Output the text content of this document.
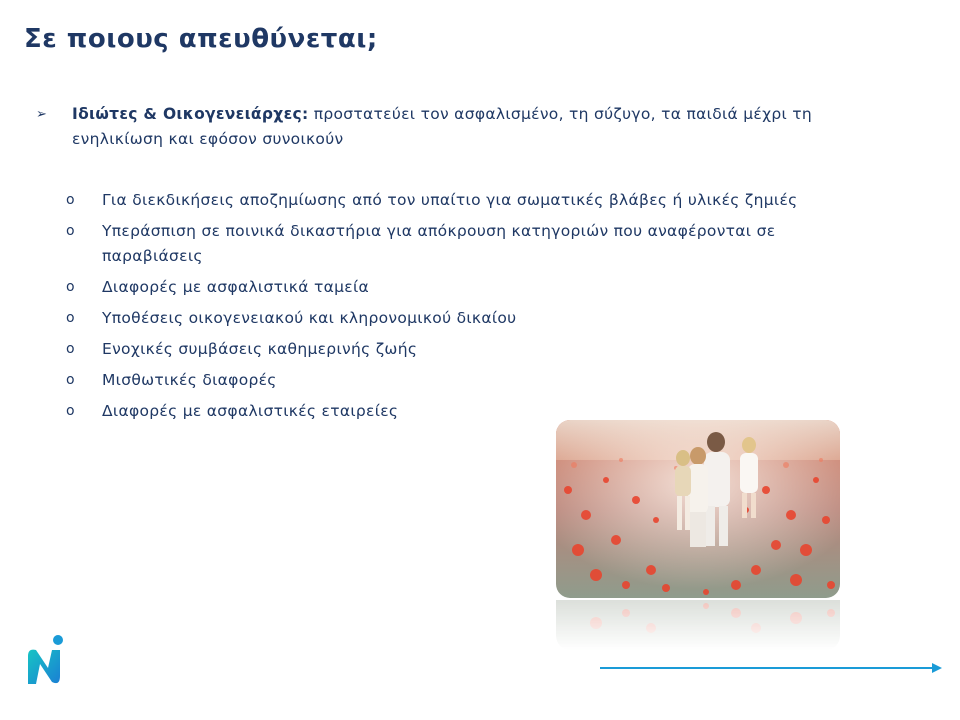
Σε ποιους απευθύνεται;
➢ Ιδιώτες & Οικογενειάρχες: προστατεύει τον ασφαλισμένο, τη σύζυγο, τα παιδιά μέχρι τη ενηλικίωση και εφόσον συνοικούν
o Για διεκδικήσεις αποζημίωσης από τον υπαίτιο για σωματικές βλάβες ή υλικές ζημιές
o Υπεράσπιση σε ποινικά δικαστήρια για απόκρουση κατηγοριών που αναφέρονται σε παραβιάσεις
o Διαφορές με ασφαλιστικά ταμεία
o Υποθέσεις οικογενειακού και κληρονομικού δικαίου
o Ενοχικές συμβάσεις καθημερινής ζωής
o Μισθωτικές διαφορές
o Διαφορές με ασφαλιστικές εταιρείες
